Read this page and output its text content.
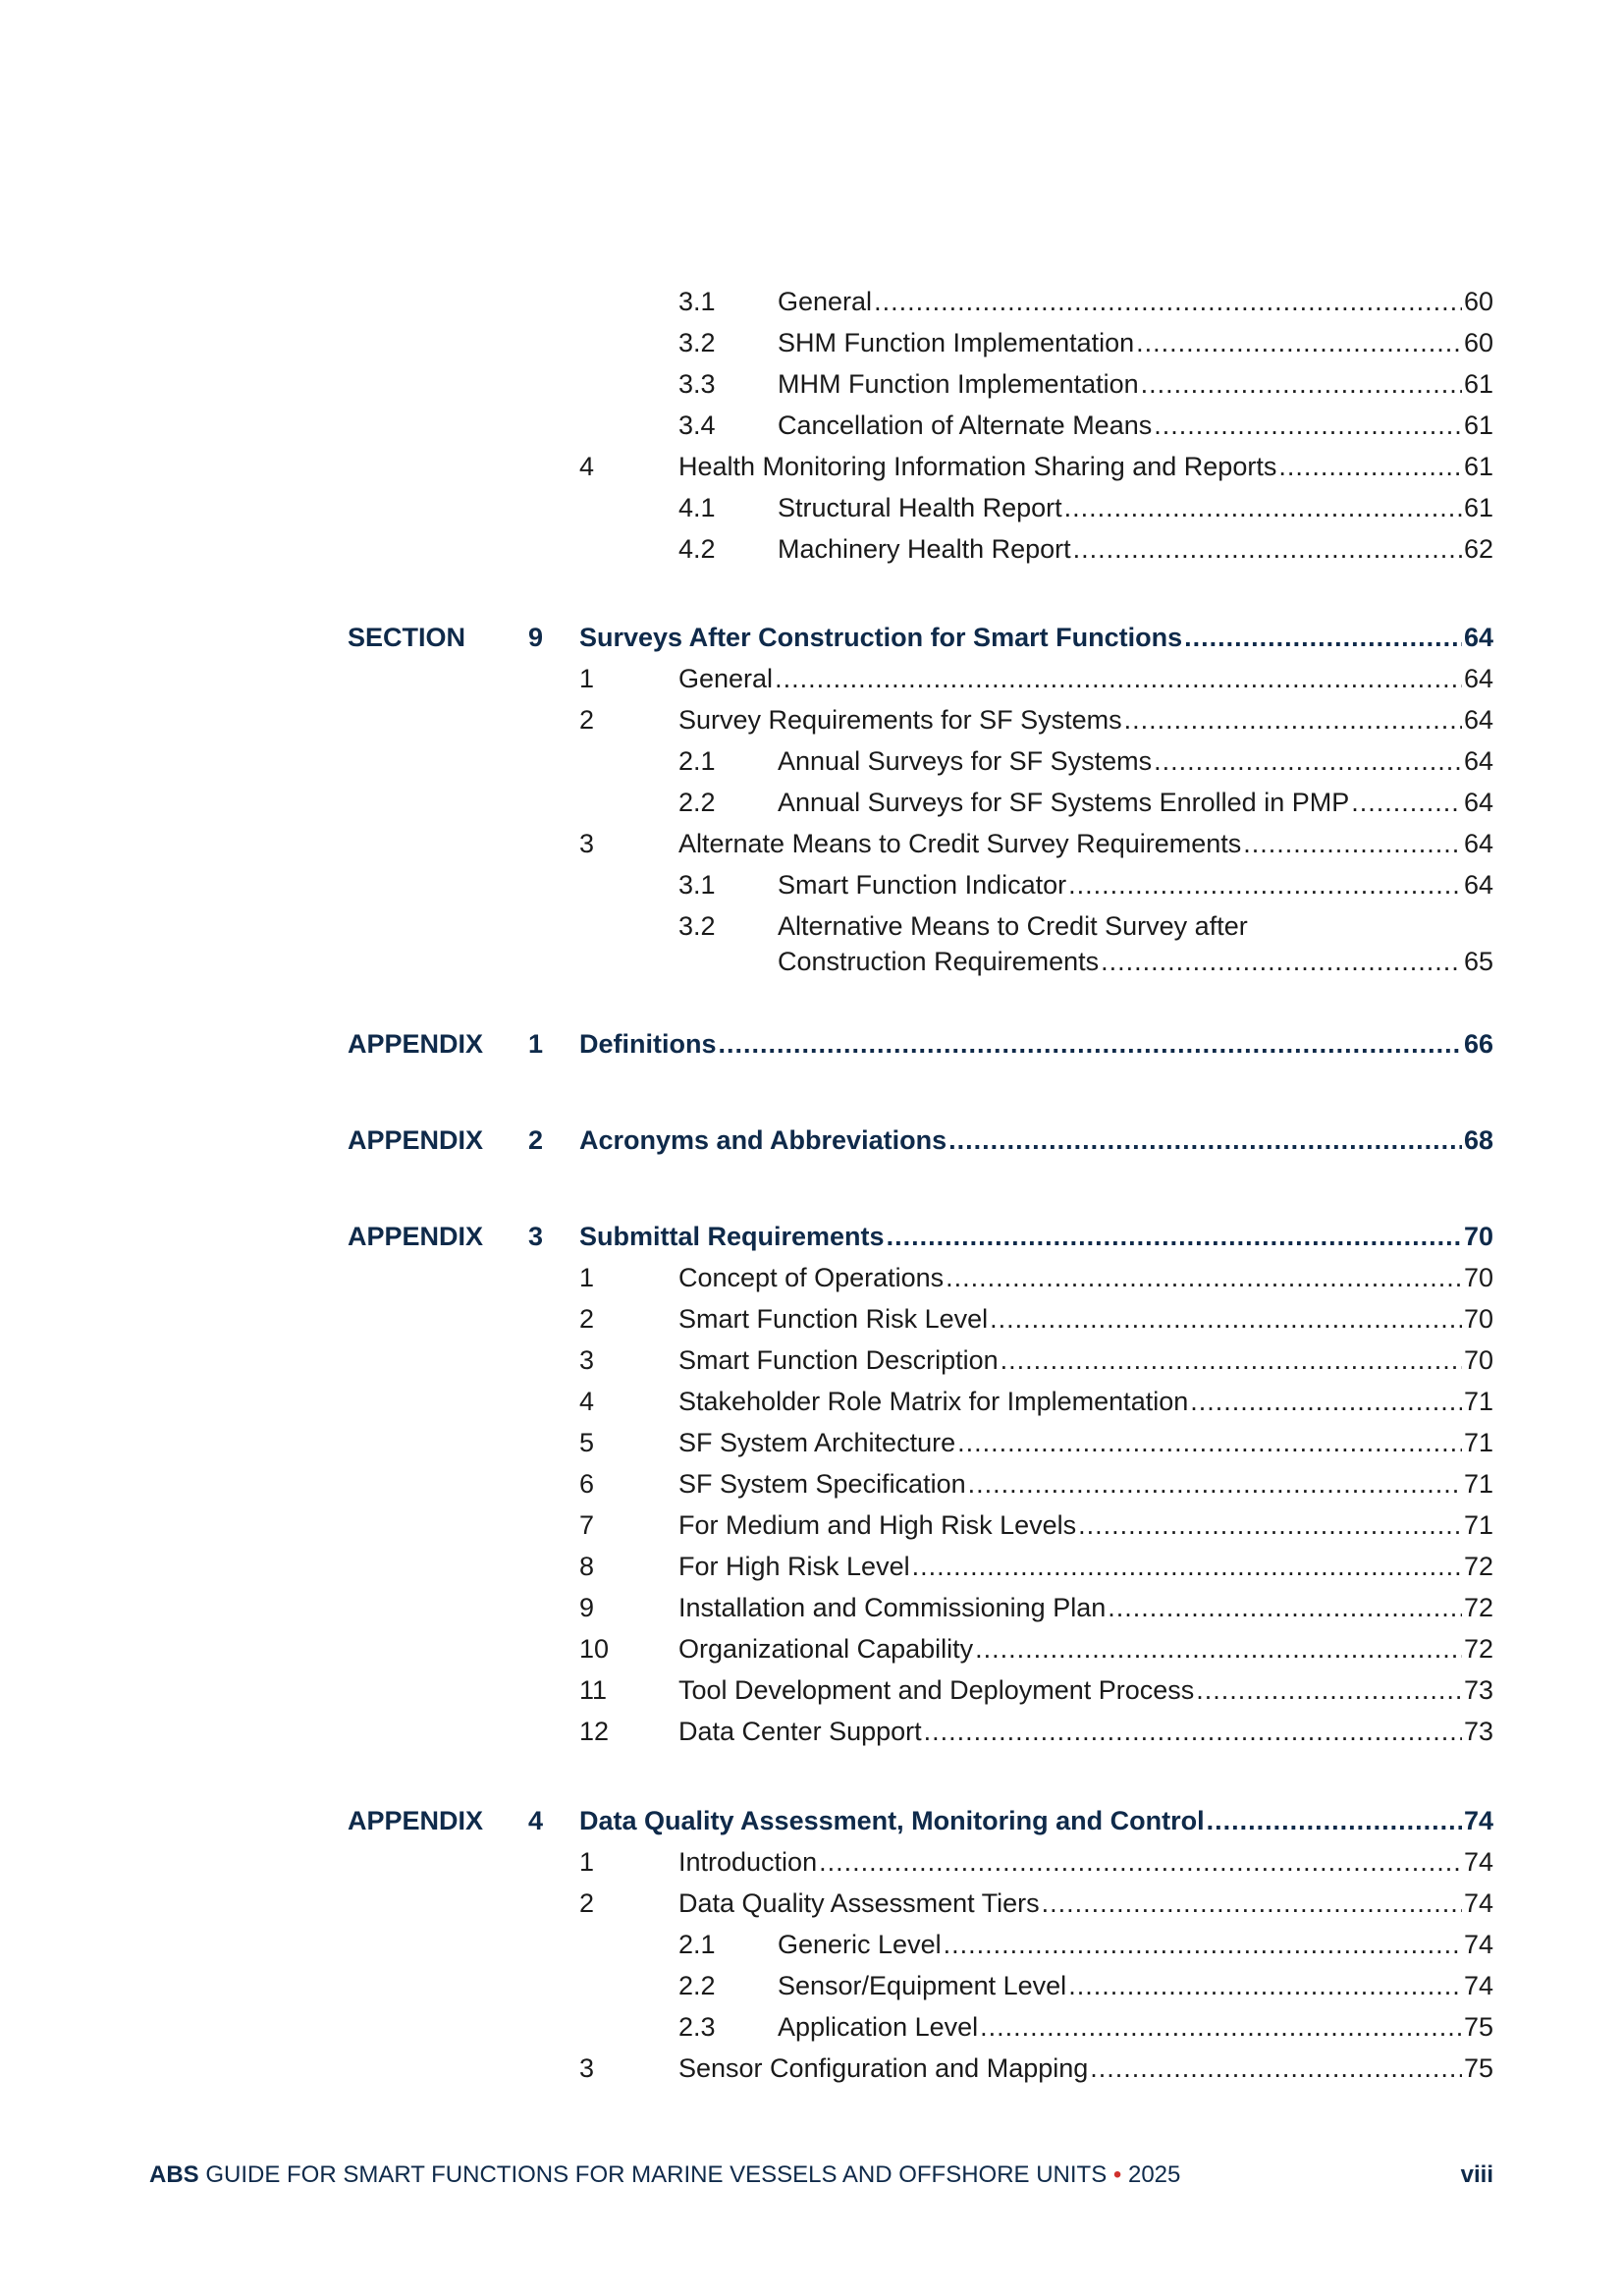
3.1 General .....	60
3.2 SHM Function Implementation .....	60
3.3 MHM Function Implementation .....	61
3.4 Cancellation of Alternate Means .....	61
4	Health Monitoring Information Sharing and Reports .....	61
4.1 Structural Health Report .....	61
4.2 Machinery Health Report .....	62
SECTION 9 Surveys After Construction for Smart Functions .....	64
1	General .....	64
2	Survey Requirements for SF Systems .....	64
2.1 Annual Surveys for SF Systems .....	64
2.2 Annual Surveys for SF Systems Enrolled in PMP .....	64
3	Alternate Means to Credit Survey Requirements .....	64
3.1 Smart Function Indicator .....	64
3.2 Alternative Means to Credit Survey after
Construction Requirements .....	65
APPENDIX 1 Definitions .....	66
APPENDIX 2 Acronyms and Abbreviations .....	68
APPENDIX 3 Submittal Requirements .....	70
1	Concept of Operations .....	70
2	Smart Function Risk Level .....	70
3	Smart Function Description .....	70
4	Stakeholder Role Matrix for Implementation .....	71
5	SF System Architecture .....	71
6	SF System Specification .....	71
7	For Medium and High Risk Levels .....	71
8	For High Risk Level .....	72
9	Installation and Commissioning Plan .....	72
10	Organizational Capability .....	72
11	Tool Development and Deployment Process .....	73
12	Data Center Support .....	73
APPENDIX 4 Data Quality Assessment, Monitoring and Control .....	74
1	Introduction .....	74
2	Data Quality Assessment Tiers .....	74
2.1 Generic Level .....	74
2.2 Sensor/Equipment Level .....	74
2.3 Application Level .....	75
3	Sensor Configuration and Mapping .....	75
ABS GUIDE FOR SMART FUNCTIONS FOR MARINE VESSELS AND OFFSHORE UNITS • 2025	viii
